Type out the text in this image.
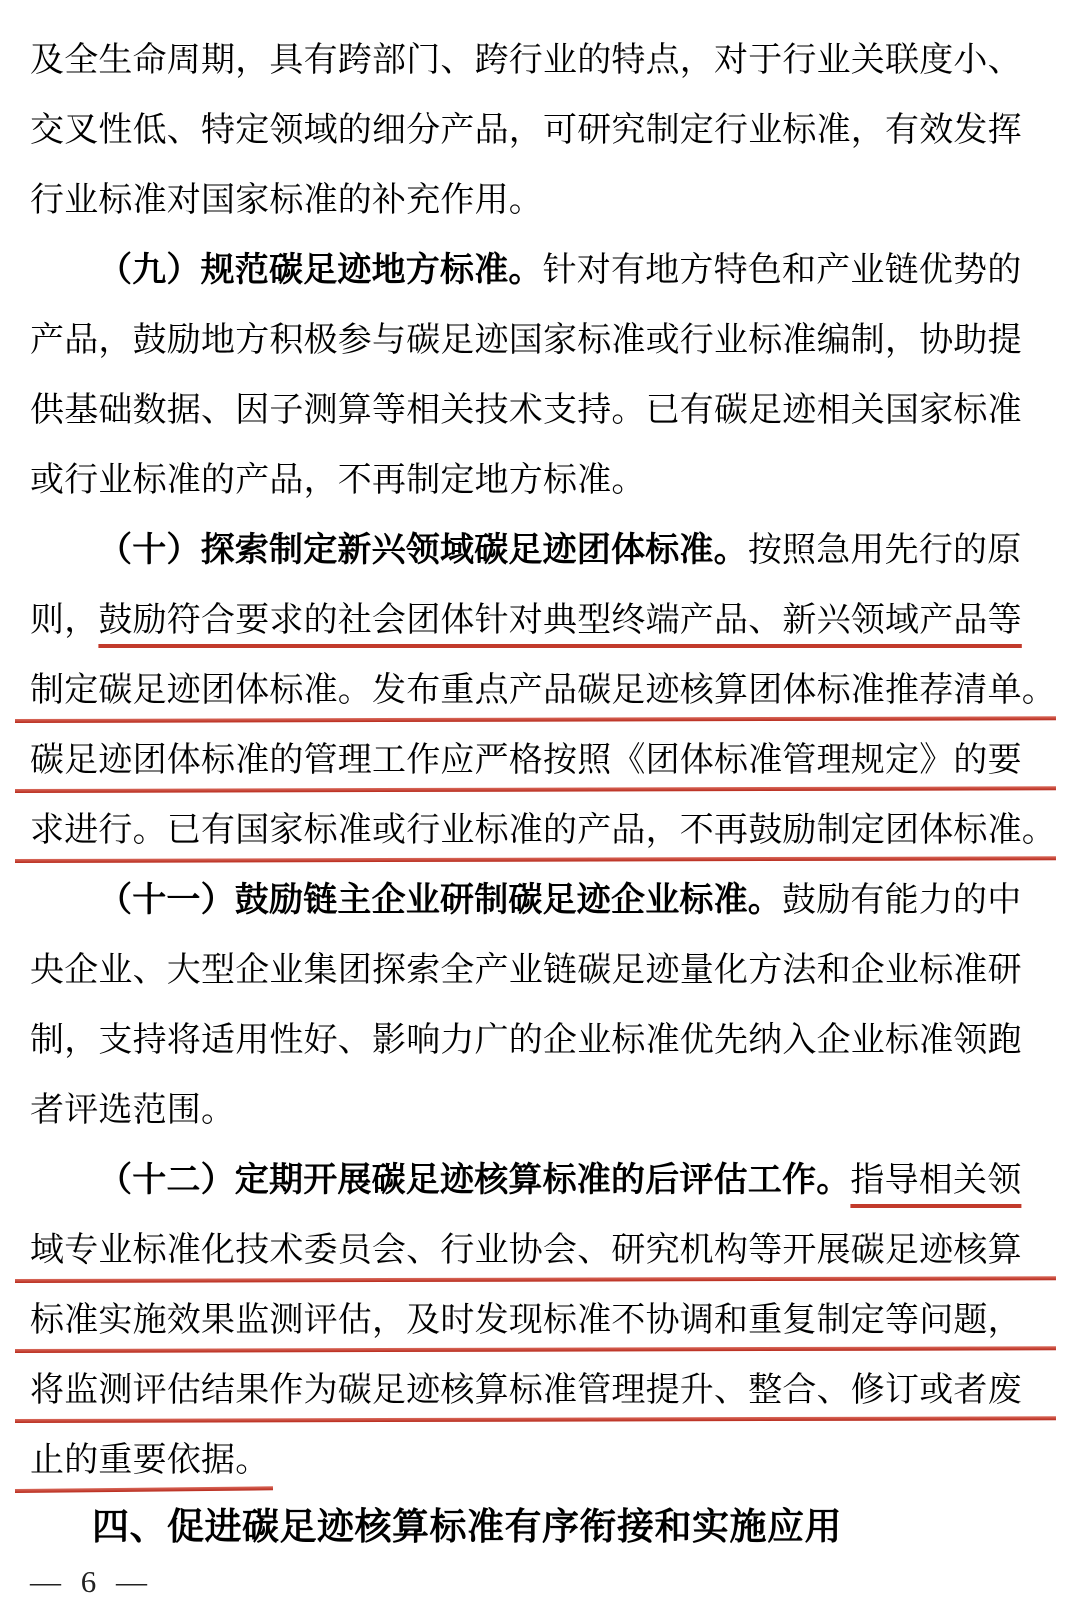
及全生命周期，具有跨部门、跨行业的特点，对于行业关联度小、
交叉性低、特定领域的细分产品，可研究制定行业标准，有效发挥
行业标准对国家标准的补充作用。
（九）规范碳足迹地方标准。针对有地方特色和产业链优势的
产品，鼓励地方积极参与碳足迹国家标准或行业标准编制，协助提
供基础数据、因子测算等相关技术支持。已有碳足迹相关国家标准
或行业标准的产品，不再制定地方标准。
（十）探索制定新兴领域碳足迹团体标准。按照急用先行的原
则，鼓励符合要求的社会团体针对典型终端产品、新兴领域产品等
制定碳足迹团体标准。发布重点产品碳足迹核算团体标准推荐清单。
碳足迹团体标准的管理工作应严格按照《团体标准管理规定》的要
求进行。已有国家标准或行业标准的产品，不再鼓励制定团体标准。
（十一）鼓励链主企业研制碳足迹企业标准。鼓励有能力的中
央企业、大型企业集团探索全产业链碳足迹量化方法和企业标准研
制，支持将适用性好、影响力广的企业标准优先纳入企业标准领跑
者评选范围。
（十二）定期开展碳足迹核算标准的后评估工作。指导相关领
域专业标准化技术委员会、行业协会、研究机构等开展碳足迹核算
标准实施效果监测评估，及时发现标准不协调和重复制定等问题，
将监测评估结果作为碳足迹核算标准管理提升、整合、修订或者废
止的重要依据。
四、促进碳足迹核算标准有序衔接和实施应用
— 6 —
